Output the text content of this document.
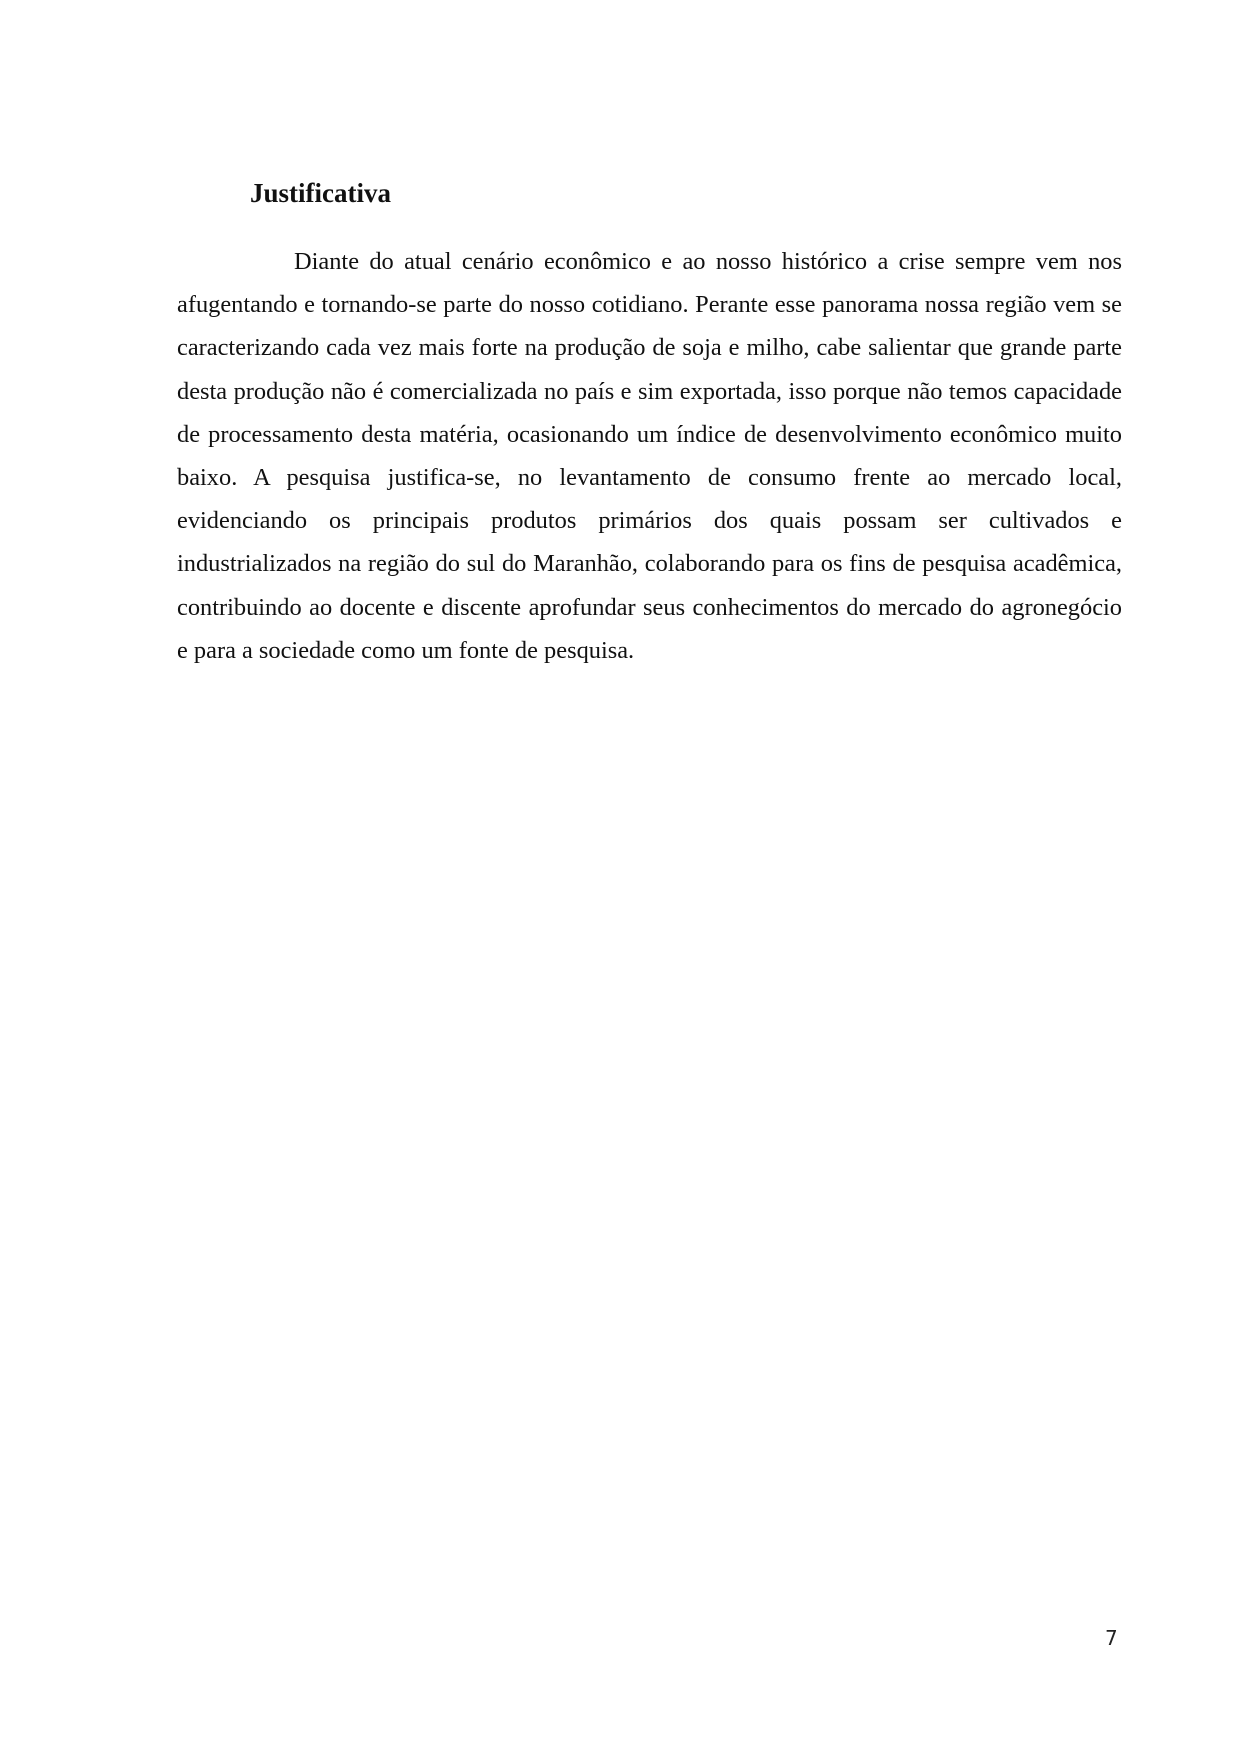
Justificativa

Diante do atual cenário econômico e ao nosso histórico a crise sempre vem nos afugentando e tornando-se parte do nosso cotidiano. Perante esse panorama nossa região vem se caracterizando cada vez mais forte na produção de soja e milho, cabe salientar que grande parte desta produção não é comercializada no país e sim exportada, isso porque não temos capacidade de processamento desta matéria, ocasionando um índice de desenvolvimento econômico muito baixo. A pesquisa justifica-se, no levantamento de consumo frente ao mercado local, evidenciando os principais produtos primários dos quais possam ser cultivados e industrializados na região do sul do Maranhão, colaborando para os fins de pesquisa acadêmica, contribuindo ao docente e discente aprofundar seus conhecimentos do mercado do agronegócio e para a sociedade como um fonte de pesquisa.

7
